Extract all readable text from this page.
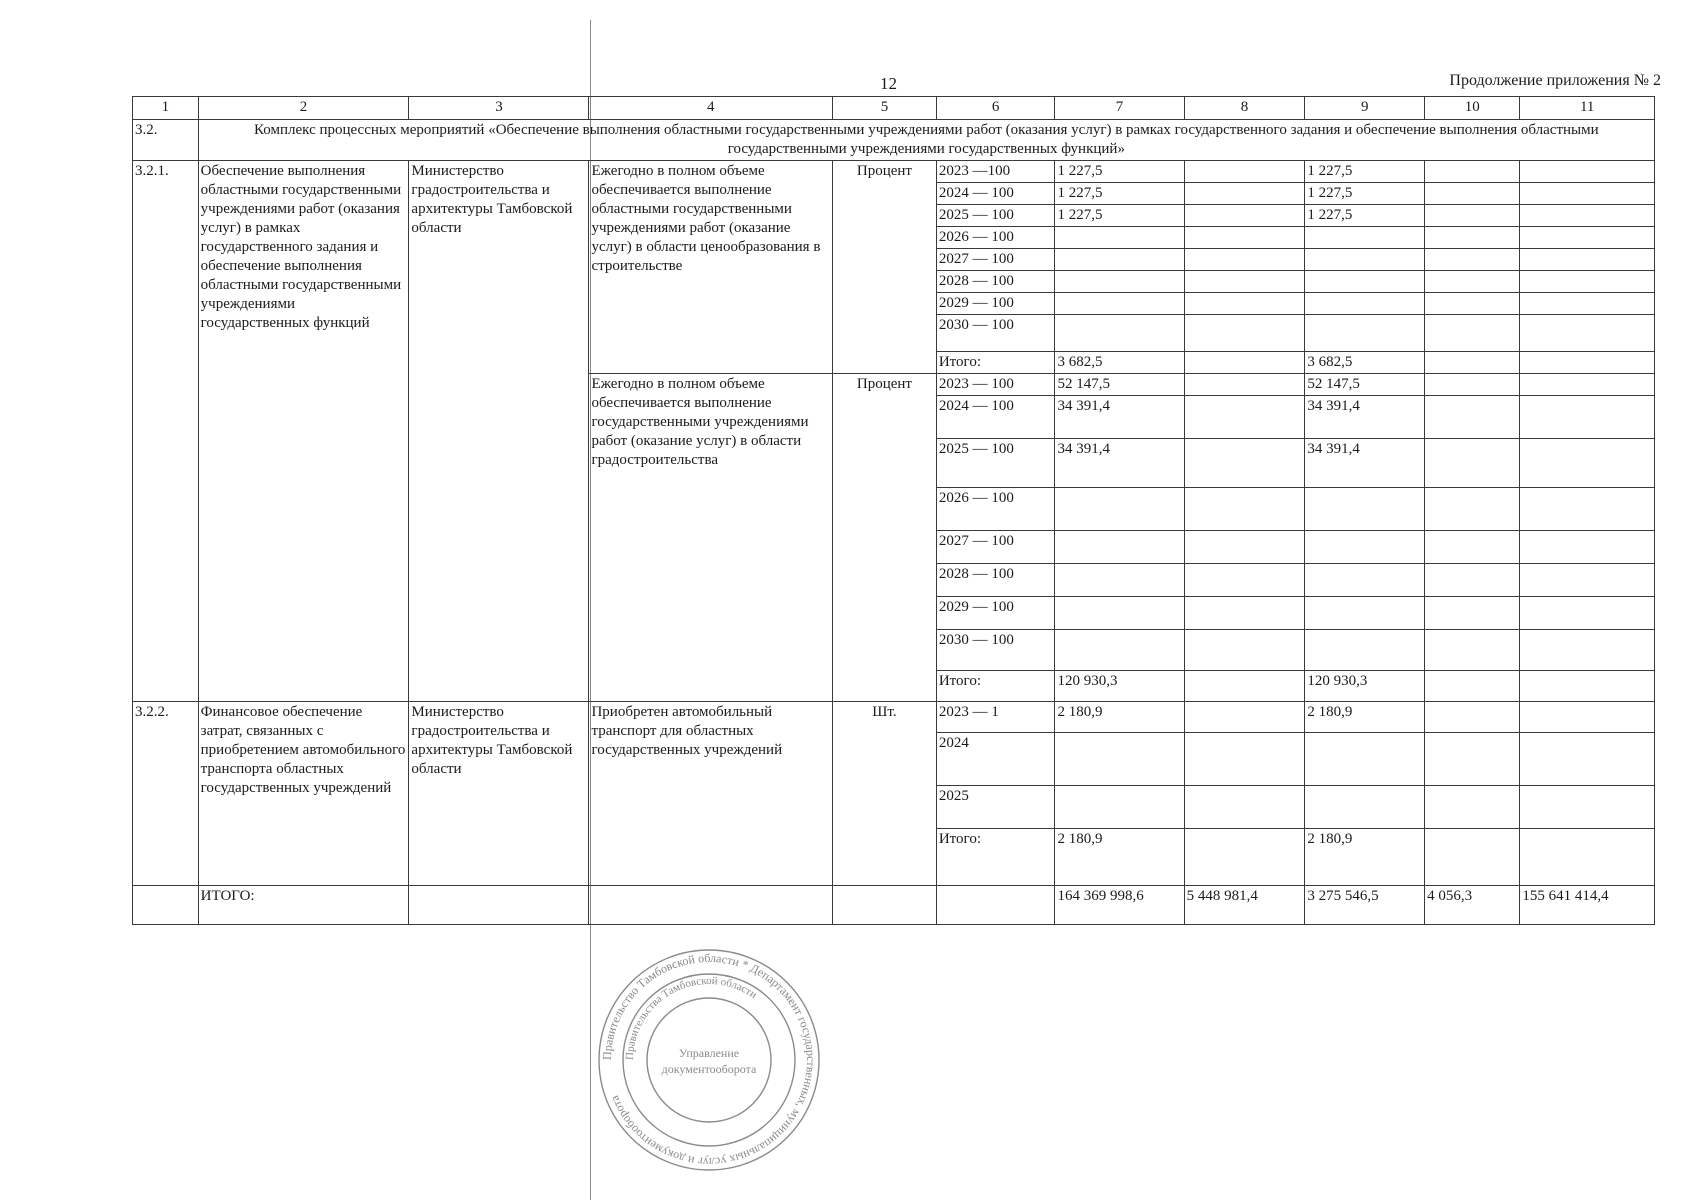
12	Продолжение приложения № 2
1	2	3	4	5	6	7	8	9	10	11
3.2.	Комплекс процессных мероприятий «Обеспечение выполнения областными государственными учреждениями работ (оказания услуг) в рамках государственного задания и обеспечение выполнения областными государственными учреждениями государственных функций»									
3.2.1.	Обеспечение выполнения областными государственными учреждениями работ (оказания услуг) в рамках государственного задания и обеспечение выполнения областными государственными учреждениями государственных функций	Министерство градостроительства и архитектуры Тамбовской области	Ежегодно в полном объеме обеспечивается выполнение областными государственными учреждениями работ (оказание услуг) в области ценообразования в строительстве	Процент	2023 —100	1 227,5		1 227,5		
					2024 — 100	1 227,5		1 227,5		
					2025 — 100	1 227,5		1 227,5		
					2026 — 100					
					2027 — 100					
					2028 — 100					
					2029 — 100					
					2030 — 100					
					Итого:	3 682,5		3 682,5		
			Ежегодно в полном объеме обеспечивается выполнение государственными учреждениями работ (оказание услуг) в области градостроительства	Процент	2023 — 100	52 147,5		52 147,5		
					2024 — 100	34 391,4		34 391,4		
					2025 — 100	34 391,4		34 391,4		
					2026 — 100					
					2027 — 100					
					2028 — 100					
					2029 — 100					
					2030 — 100					
					Итого:	120 930,3		120 930,3		
3.2.2.	Финансовое обеспечение затрат, связанных с приобретением автомобильного транспорта областных государственных учреждений	Министерство градостроительства и архитектуры Тамбовской области	Приобретен автомобильный транспорт для областных государственных учреждений	Шт.	2023 — 1	2 180,9		2 180,9		
					2024					
					2025					
					Итого:	2 180,9		2 180,9		
	ИТОГО:					164 369 998,6	5 448 981,4	3 275 546,5	4 056,3	155 641 414,4
Правительство Тамбовской области * Департамент государственных, муниципальных услуг и документооборота
Правительства Тамбовской области
Управление
документооборота
